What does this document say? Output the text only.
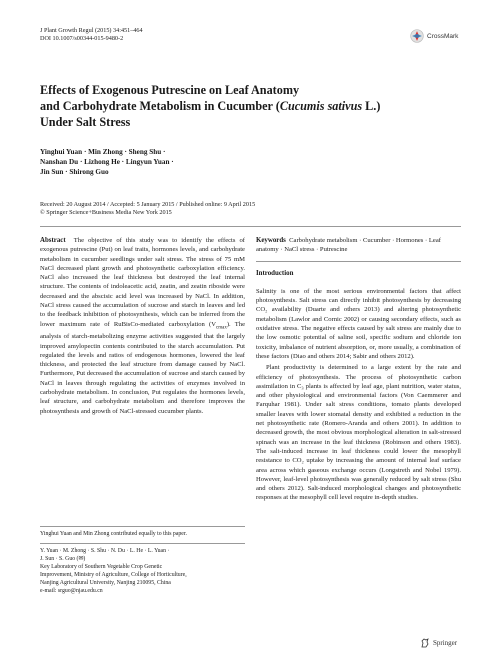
J Plant Growth Regul (2015) 34:451–464
DOI 10.1007/s00344-015-9480-2	CrossMark
Effects of Exogenous Putrescine on Leaf Anatomy
and Carbohydrate Metabolism in Cucumber (Cucumis sativus L.)
Under Salt Stress
Yinghui Yuan · Min Zhong · Sheng Shu ·
Nanshan Du · Lizhong He · Lingyun Yuan ·
Jin Sun · Shirong Guo
Received: 20 August 2014 / Accepted: 5 January 2015 / Published online: 9 April 2015
© Springer Science+Business Media New York 2015

Abstract The objective of this study was to identify the effects of exogenous putrescine (Put) on leaf traits, hormones levels, and carbohydrate metabolism in cucumber seedlings under salt stress. The stress of 75 mM NaCl decreased plant growth and photosynthetic carboxylation efficiency. NaCl also increased the leaf thickness but destroyed the leaf internal structure. The contents of indoleacetic acid, zeatin, and zeatin riboside were decreased and the abscisic acid level was increased by NaCl. In addition, NaCl stress caused the accumulation of sucrose and starch in leaves and led to the feedback inhibition of photosynthesis, which can be inferred from the lower maximum rate of RuBisCo-mediated carboxylation $(V_{cmax})$. The analysis of starch-metabolizing enzyme activities suggested that the largely improved amylopectin contents contributed to the starch accumulation. Put regulated the levels and ratios of endogenous hormones, lowered the leaf thickness, and protected the leaf structure from damage caused by NaCl. Furthermore, Put decreased the accumulation of sucrose and starch caused by NaCl in leaves through regulating the activities of enzymes involved in carbohydrate metabolism. In conclusion, Put regulates the hormones levels, leaf structure, and carbohydrate metabolism and therefore improves the photosynthesis and growth of NaCl-stressed cucumber plants.

Keywords Carbohydrate metabolism · Cucumber · Hormones · Leaf anatomy · NaCl stress · Putrescine

Introduction

Salinity is one of the most serious environmental factors that affect photosynthesis. Salt stress can directly inhibit photosynthesis by decreasing CO₂ availability (Duarte and others 2013) and altering photosynthetic metabolism (Lawlor and Cornic 2002) or causing secondary effects, such as oxidative stress. The negative effects caused by salt stress are mainly due to the low osmotic potential of saline soil, specific sodium and chloride ion toxicity, imbalance of nutrient absorption, or, more usually, a combination of these factors (Diao and others 2014; Sabir and others 2012).

Plant productivity is determined to a large extent by the rate and efficiency of photosynthesis. The process of photosynthetic carbon assimilation in C₃ plants is affected by leaf age, plant nutrition, water status, and other physiological and environmental factors (Von Caemmerer and Farquhar 1981). Under salt stress conditions, tomato plants developed smaller leaves with lower stomatal density and exhibited a reduction in the net photosynthetic rate (Romero-Aranda and others 2001). In addition to decreased growth, the most obvious morphological alteration in salt-stressed spinach was an increase in the leaf thickness (Robinson and others 1983). The salt-induced increase in leaf thickness could lower the mesophyll resistance to CO₂ uptake by increasing the amount of internal leaf surface area across which gaseous exchange occurs (Longstreth and Nobel 1979). However, leaf-level photosynthesis was generally reduced by salt stress (Shu and others 2012). Salt-induced morphological changes and photosynthetic responses at the mesophyll cell level require in-depth studies.

Yinghui Yuan and Min Zhong contributed equally to this paper.
Y. Yuan · M. Zhong · S. Shu · N. Du · L. He · L. Yuan ·
J. Sun · S. Guo (✉)
Key Laboratory of Southern Vegetable Crop Genetic
Improvement, Ministry of Agriculture, College of Horticulture,
Nanjing Agricultural University, Nanjing 210095, China
e-mail: srguo@njau.edu.cn
Springer
